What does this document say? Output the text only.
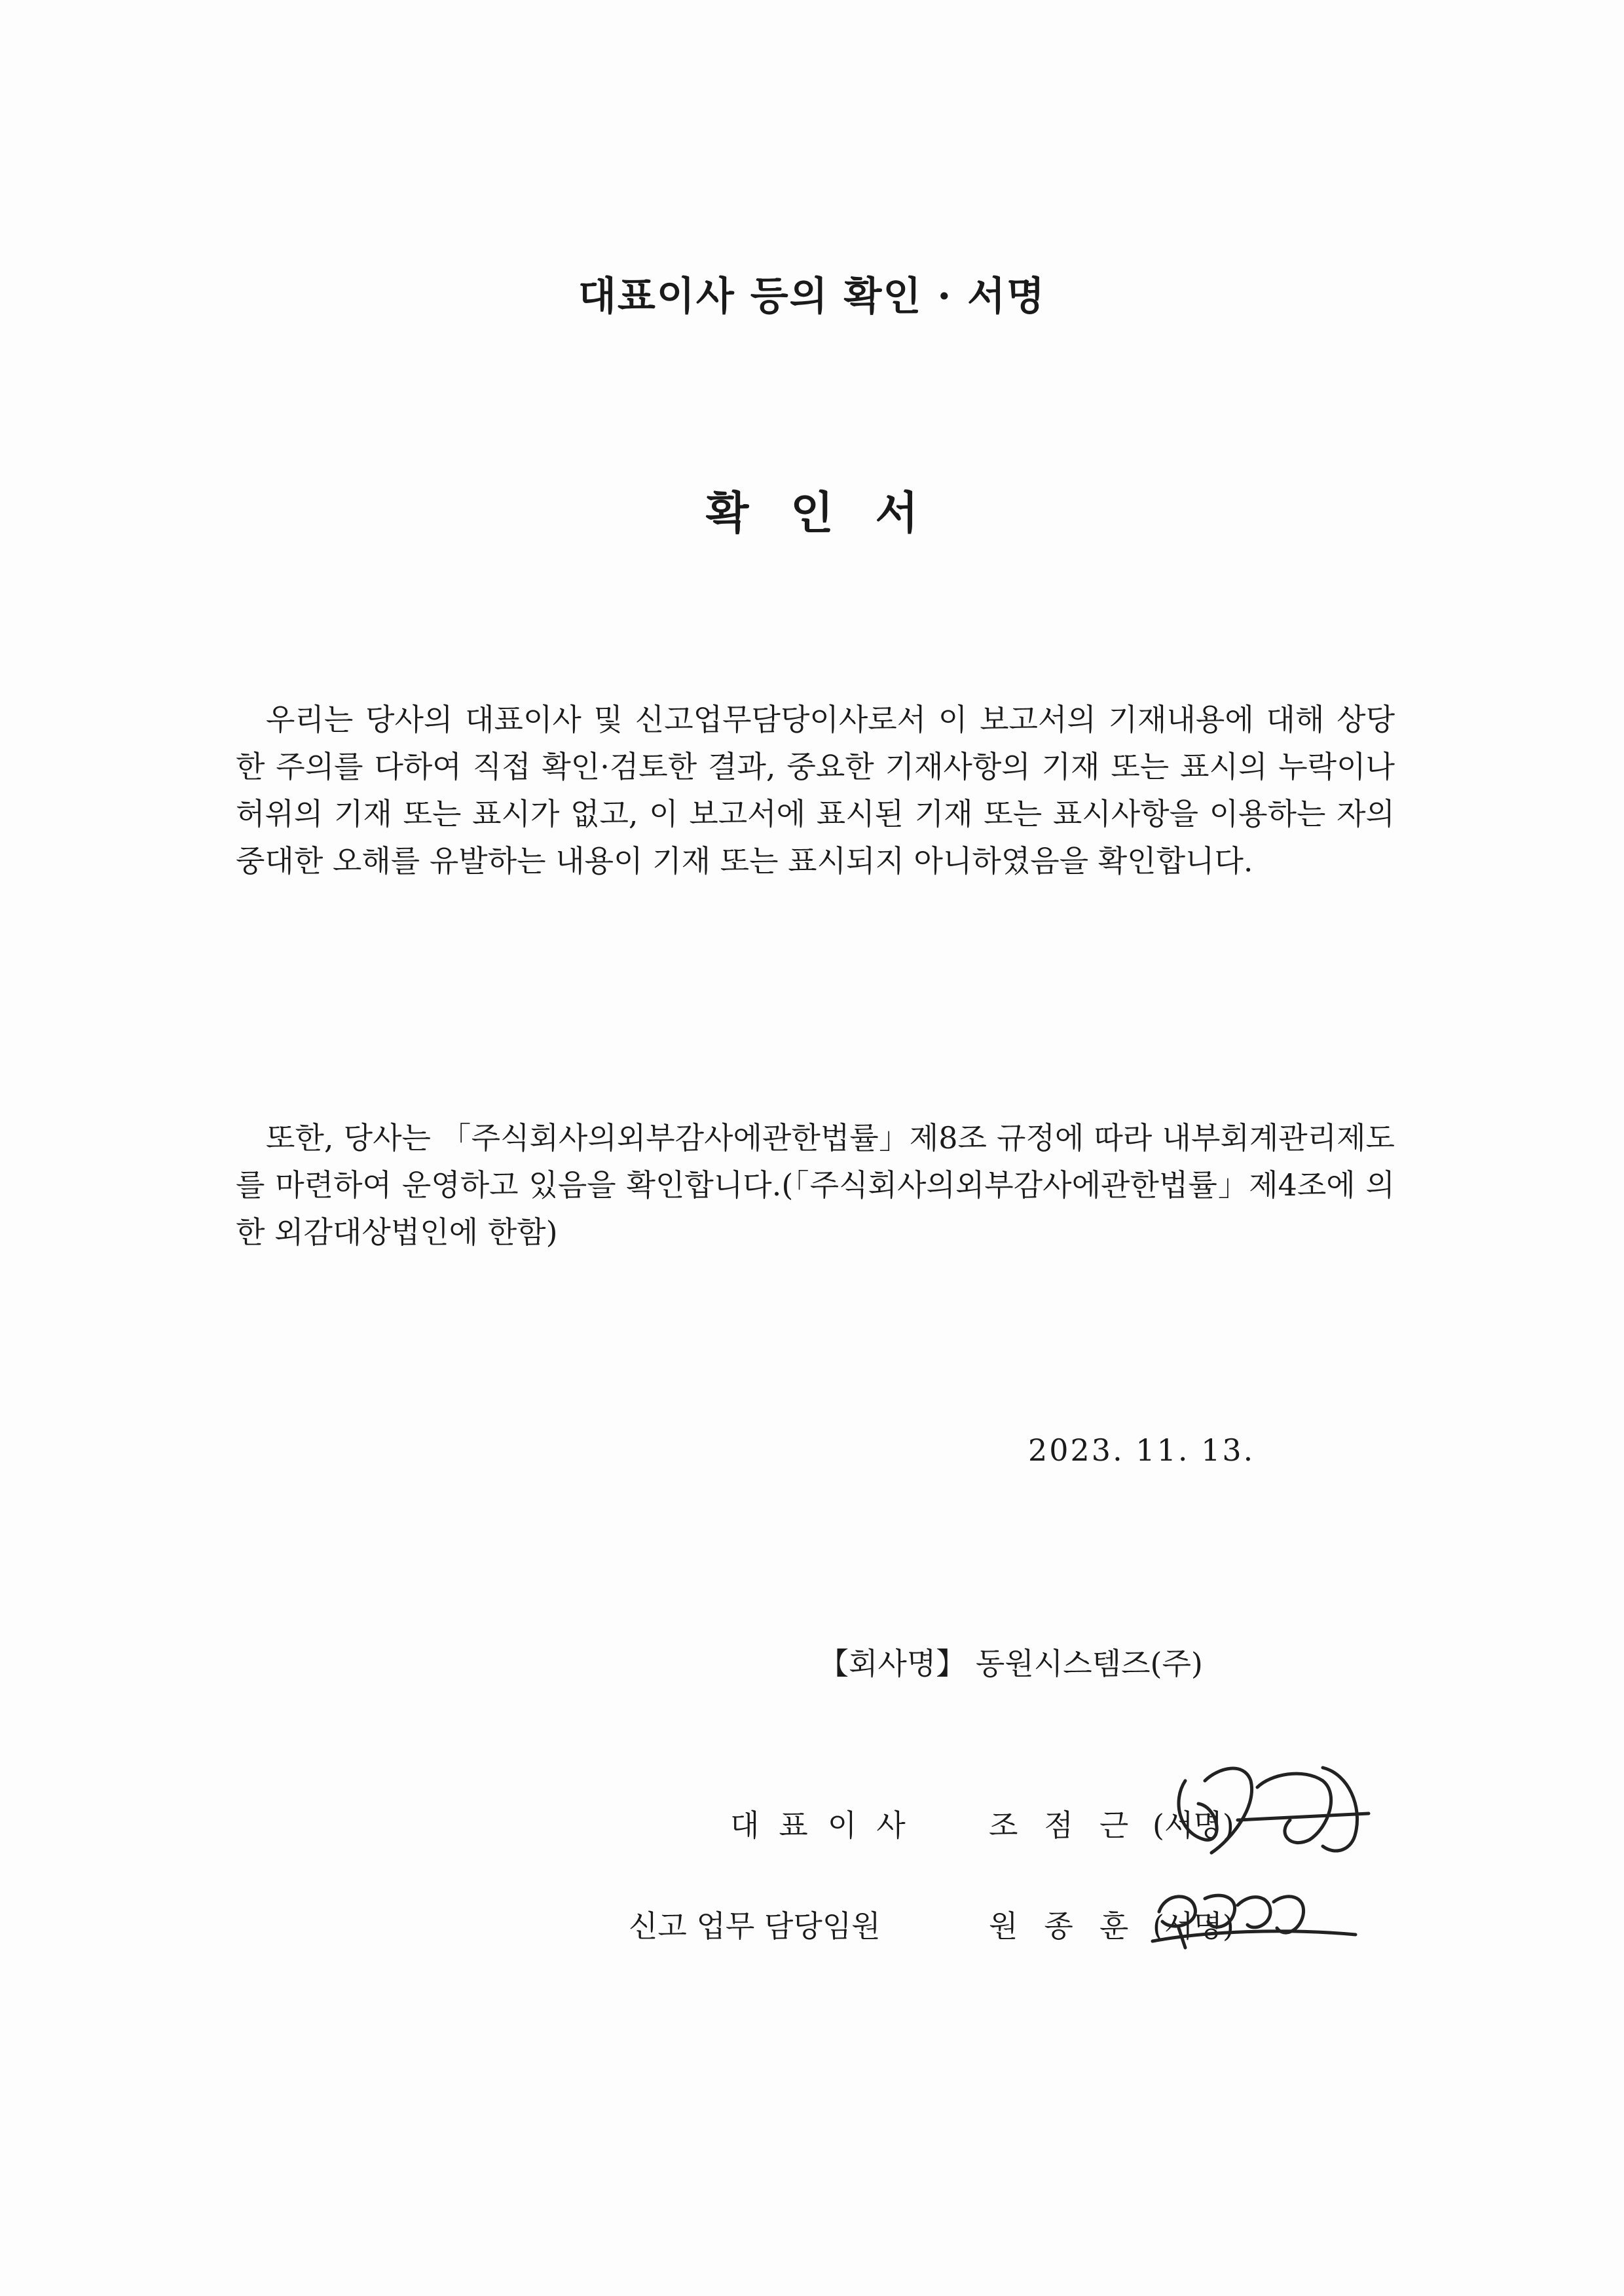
대표이사 등의 확인 · 서명
확 인 서

우리는 당사의 대표이사 및 신고업무담당이사로서 이 보고서의 기재내용에 대해 상당한 주의를 다하여 직접 확인·검토한 결과, 중요한 기재사항의 기재 또는 표시의 누락이나 허위의 기재 또는 표시가 없고, 이 보고서에 표시된 기재 또는 표시사항을 이용하는 자의 중대한 오해를 유발하는 내용이 기재 또는 표시되지 아니하였음을 확인합니다.

또한, 당사는 「주식회사의외부감사에관한법률」제8조 규정에 따라 내부회계관리제도를 마련하여 운영하고 있음을 확인합니다.(「주식회사의외부감사에관한법률」제4조에 의한 외감대상법인에 한함)

2023. 11. 13.
【회사명】 동원시스템즈(주)
대표이사 조점근
(서명)
신고 업무 담당임원	원종훈
(서명)
